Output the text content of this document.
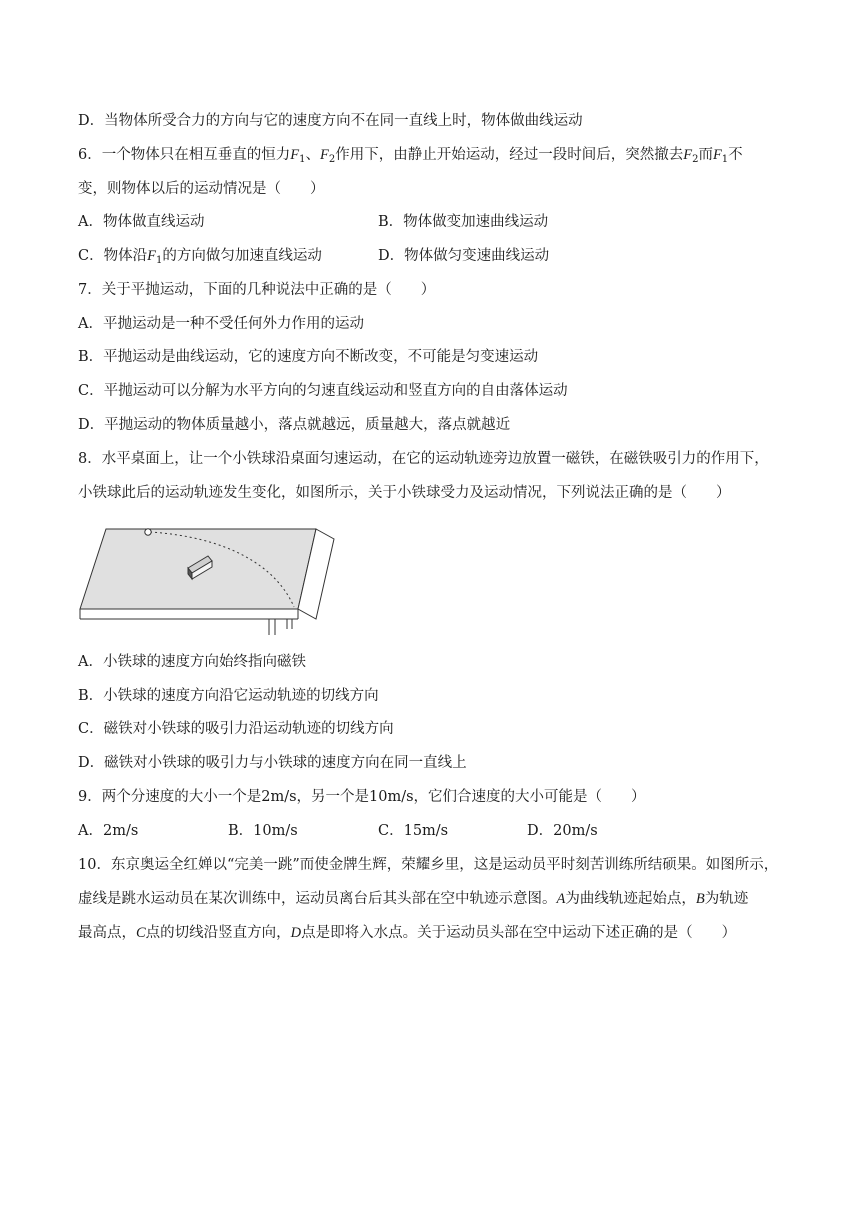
D．当物体所受合力的方向与它的速度方向不在同一直线上时，物体做曲线运动
6．一个物体只在相互垂直的恒力$F_1$、$F_2$作用下，由静止开始运动，经过一段时间后，突然撤去$F_2$而$F_1$不
变，则物体以后的运动情况是（　　）
A．物体做直线运动	B．物体做变加速曲线运动
C．物体沿$F_1$的方向做匀加速直线运动	D．物体做匀变速曲线运动
7．关于平抛运动，下面的几种说法中正确的是（　　）
A．平抛运动是一种不受任何外力作用的运动
B．平抛运动是曲线运动，它的速度方向不断改变，不可能是匀变速运动
C．平抛运动可以分解为水平方向的匀速直线运动和竖直方向的自由落体运动
D．平抛运动的物体质量越小，落点就越远，质量越大，落点就越近
8．水平桌面上，让一个小铁球沿桌面匀速运动，在它的运动轨迹旁边放置一磁铁，在磁铁吸引力的作用下，
小铁球此后的运动轨迹发生变化，如图所示，关于小铁球受力及运动情况，下列说法正确的是（　　）
A．小铁球的速度方向始终指向磁铁
B．小铁球的速度方向沿它运动轨迹的切线方向
C．磁铁对小铁球的吸引力沿运动轨迹的切线方向
D．磁铁对小铁球的吸引力与小铁球的速度方向在同一直线上
9．两个分速度的大小一个是2m/s，另一个是10m/s，它们合速度的大小可能是（　　）
A．2m/s	B．10m/s	C．15m/s	D．20m/s
10．东京奥运全红婵以“完美一跳”而使金牌生辉，荣耀乡里，这是运动员平时刻苦训练所结硕果。如图所示，
虚线是跳水运动员在某次训练中，运动员离台后其头部在空中轨迹示意图。A为曲线轨迹起始点，B为轨迹
最高点，C点的切线沿竖直方向，D点是即将入水点。关于运动员头部在空中运动下述正确的是（　　）
